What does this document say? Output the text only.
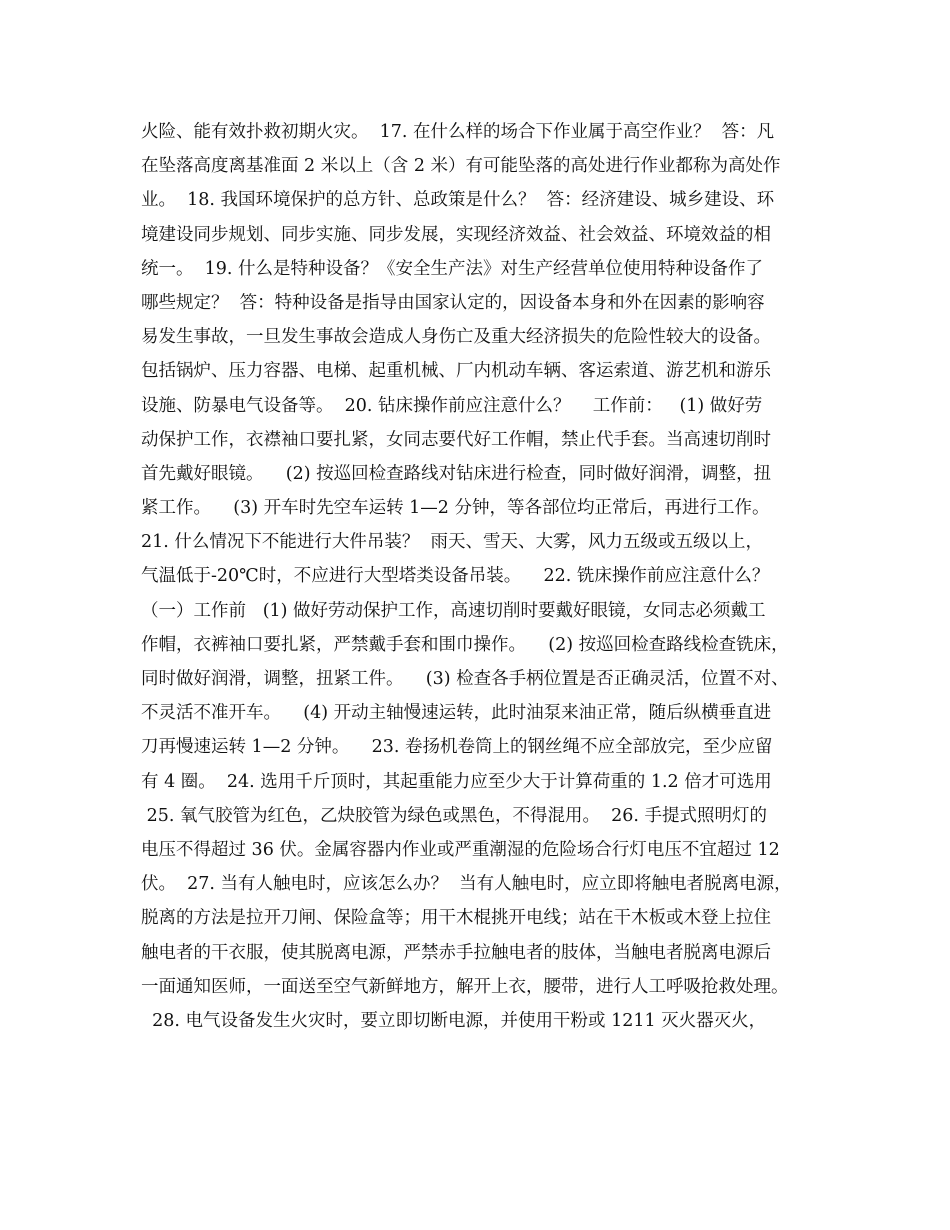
火险、能有效扑救初期火灾。  17. 在什么样的场合下作业属于高空作业？  答：凡
在坠落高度离基准面 2 米以上（含 2 米）有可能坠落的高处进行作业都称为高处作
业。  18. 我国环境保护的总方针、总政策是什么？  答：经济建设、城乡建设、环
境建设同步规划、同步实施、同步发展，实现经济效益、社会效益、环境效益的相
统一。  19. 什么是特种设备？《安全生产法》对生产经营单位使用特种设备作了
哪些规定？  答：特种设备是指导由国家认定的，因设备本身和外在因素的影响容
易发生事故，一旦发生事故会造成人身伤亡及重大经济损失的危险性较大的设备。
包括锅炉、压力容器、电梯、起重机械、厂内机动车辆、客运索道、游艺机和游乐
设施、防暴电气设备等。  20. 钻床操作前应注意什么？    工作前：   (1) 做好劳
动保护工作，衣襟袖口要扎紧，女同志要代好工作帽，禁止代手套。当高速切削时
首先戴好眼镜。    (2) 按巡回检查路线对钻床进行检查，同时做好润滑，调整，扭
紧工作。    (3) 开车时先空车运转 1—2 分钟，等各部位均正常后，再进行工作。
21. 什么情况下不能进行大件吊装？  雨天、雪天、大雾，风力五级或五级以上，
气温低于-20℃时，不应进行大型塔类设备吊装。    22. 铣床操作前应注意什么？
（一）工作前   (1) 做好劳动保护工作，高速切削时要戴好眼镜，女同志必须戴工
作帽，衣裤袖口要扎紧，严禁戴手套和围巾操作。    (2) 按巡回检查路线检查铣床，
同时做好润滑，调整，扭紧工件。    (3) 检查各手柄位置是否正确灵活，位置不对、
不灵活不准开车。    (4) 开动主轴慢速运转，此时油泵来油正常，随后纵横垂直进
刀再慢速运转 1—2 分钟。    23. 卷扬机卷筒上的钢丝绳不应全部放完，至少应留
有 4 圈。  24. 选用千斤顶时，其起重能力应至少大于计算荷重的 1.2 倍才可选用
25. 氧气胶管为红色，乙炔胶管为绿色或黑色，不得混用。  26. 手提式照明灯的
电压不得超过 36 伏。金属容器内作业或严重潮湿的危险场合行灯电压不宜超过 12
伏。  27. 当有人触电时，应该怎么办？  当有人触电时，应立即将触电者脱离电源，
脱离的方法是拉开刀闸、保险盒等；用干木棍挑开电线；站在干木板或木登上拉住
触电者的干衣服，使其脱离电源，严禁赤手拉触电者的肢体，当触电者脱离电源后
一面通知医师，一面送至空气新鲜地方，解开上衣，腰带，进行人工呼吸抢救处理。
28. 电气设备发生火灾时，要立即切断电源，并使用干粉或 1211 灭火器灭火，
